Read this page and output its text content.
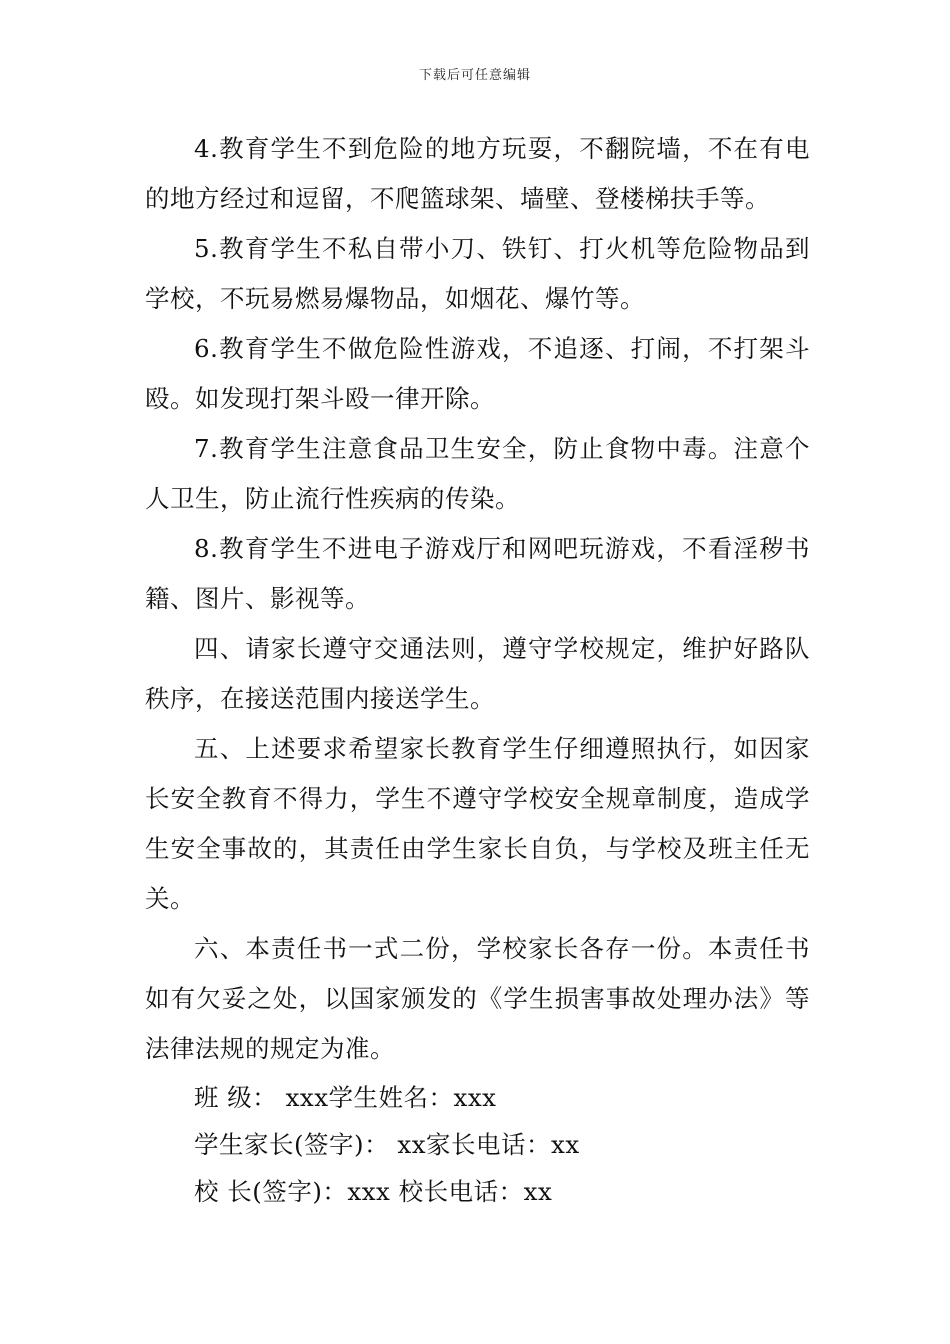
下载后可任意编辑

4.教育学生不到危险的地方玩耍，不翻院墙，不在有电的地方经过和逗留，不爬篮球架、墙壁、登楼梯扶手等。

5.教育学生不私自带小刀、铁钉、打火机等危险物品到学校，不玩易燃易爆物品，如烟花、爆竹等。

6.教育学生不做危险性游戏，不追逐、打闹，不打架斗殴。如发现打架斗殴一律开除。

7.教育学生注意食品卫生安全，防止食物中毒。注意个人卫生，防止流行性疾病的传染。

8.教育学生不进电子游戏厅和网吧玩游戏，不看淫秽书籍、图片、影视等。

四、请家长遵守交通法则，遵守学校规定，维护好路队秩序，在接送范围内接送学生。

五、上述要求希望家长教育学生仔细遵照执行，如因家长安全教育不得力，学生不遵守学校安全规章制度，造成学生安全事故的，其责任由学生家长自负，与学校及班主任无关。

六、本责任书一式二份，学校家长各存一份。本责任书如有欠妥之处，以国家颁发的《学生损害事故处理办法》等法律法规的规定为准。

班 级： xxx学生姓名：xxx

学生家长(签字)： xx家长电话：xx

校 长(签字)：xxx 校长电话：xx
